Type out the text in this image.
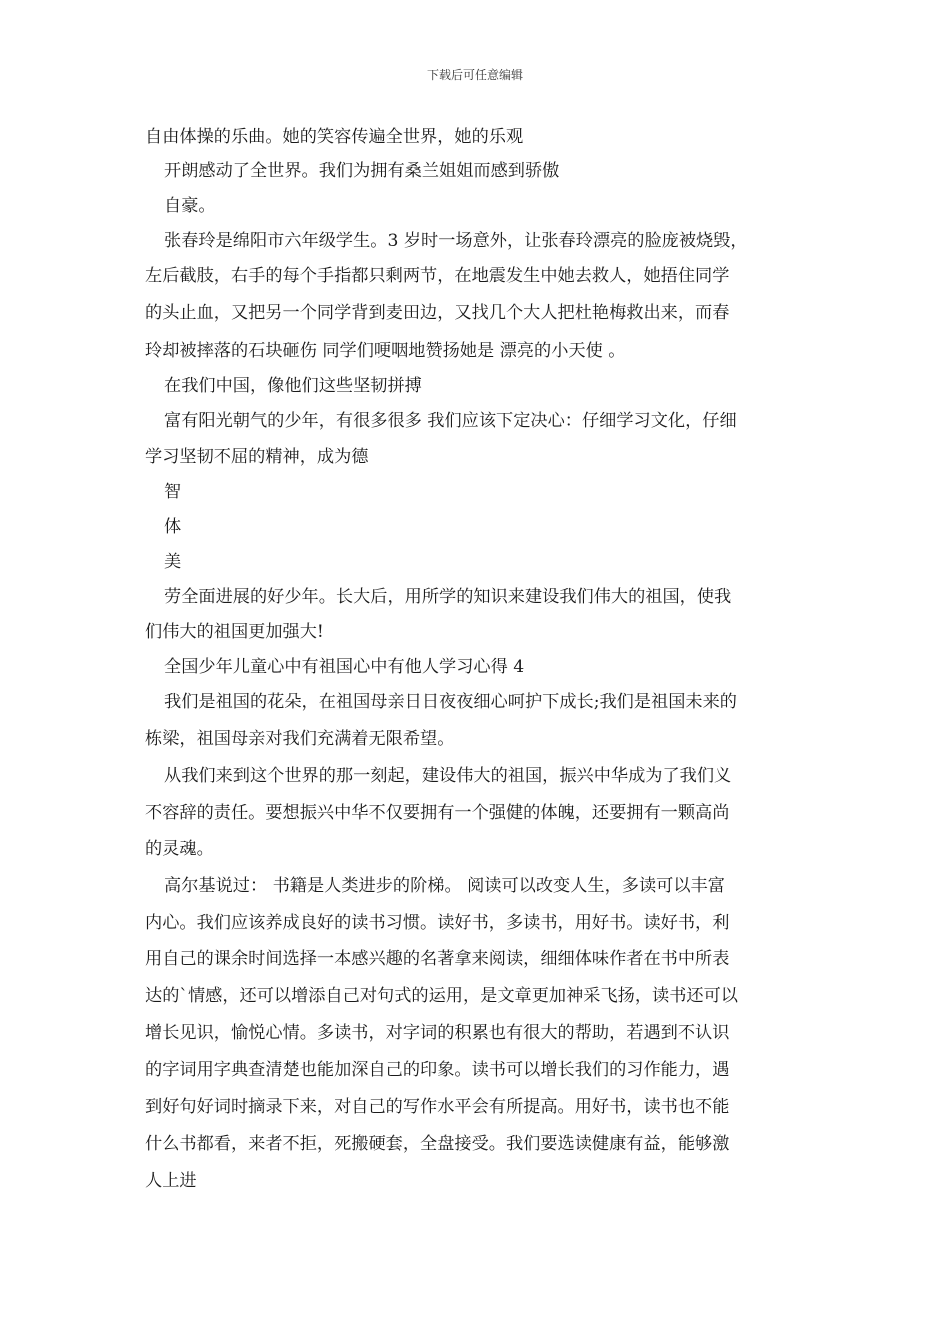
下载后可任意编辑
自由体操的乐曲。她的笑容传遍全世界，她的乐观
开朗感动了全世界。我们为拥有桑兰姐姐而感到骄傲
自豪。
张春玲是绵阳市六年级学生。3 岁时一场意外，让张春玲漂亮的脸庞被烧毁，
左后截肢，右手的每个手指都只剩两节，在地震发生中她去救人，她捂住同学
的头止血，又把另一个同学背到麦田边，又找几个大人把杜艳梅救出来，而春
玲却被摔落的石块砸伤 同学们哽咽地赞扬她是 漂亮的小天使 。
在我们中国，像他们这些坚韧拼搏
富有阳光朝气的少年，有很多很多 我们应该下定决心：仔细学习文化，仔细
学习坚韧不屈的精神，成为德
智
体
美
劳全面进展的好少年。长大后，用所学的知识来建设我们伟大的祖国，使我
们伟大的祖国更加强大!
全国少年儿童心中有祖国心中有他人学习心得 4
我们是祖国的花朵，在祖国母亲日日夜夜细心呵护下成长;我们是祖国未来的
栋梁，祖国母亲对我们充满着无限希望。
从我们来到这个世界的那一刻起，建设伟大的祖国，振兴中华成为了我们义
不容辞的责任。要想振兴中华不仅要拥有一个强健的体魄，还要拥有一颗高尚
的灵魂。
高尔基说过： 书籍是人类进步的阶梯。 阅读可以改变人生，多读可以丰富
内心。我们应该养成良好的读书习惯。读好书，多读书，用好书。读好书，利
用自己的课余时间选择一本感兴趣的名著拿来阅读，细细体味作者在书中所表
达的`情感，还可以增添自己对句式的运用，是文章更加神采飞扬，读书还可以
增长见识，愉悦心情。多读书，对字词的积累也有很大的帮助，若遇到不认识
的字词用字典查清楚也能加深自己的印象。读书可以增长我们的习作能力，遇
到好句好词时摘录下来，对自己的写作水平会有所提高。用好书，读书也不能
什么书都看，来者不拒，死搬硬套，全盘接受。我们要选读健康有益，能够激
人上进
